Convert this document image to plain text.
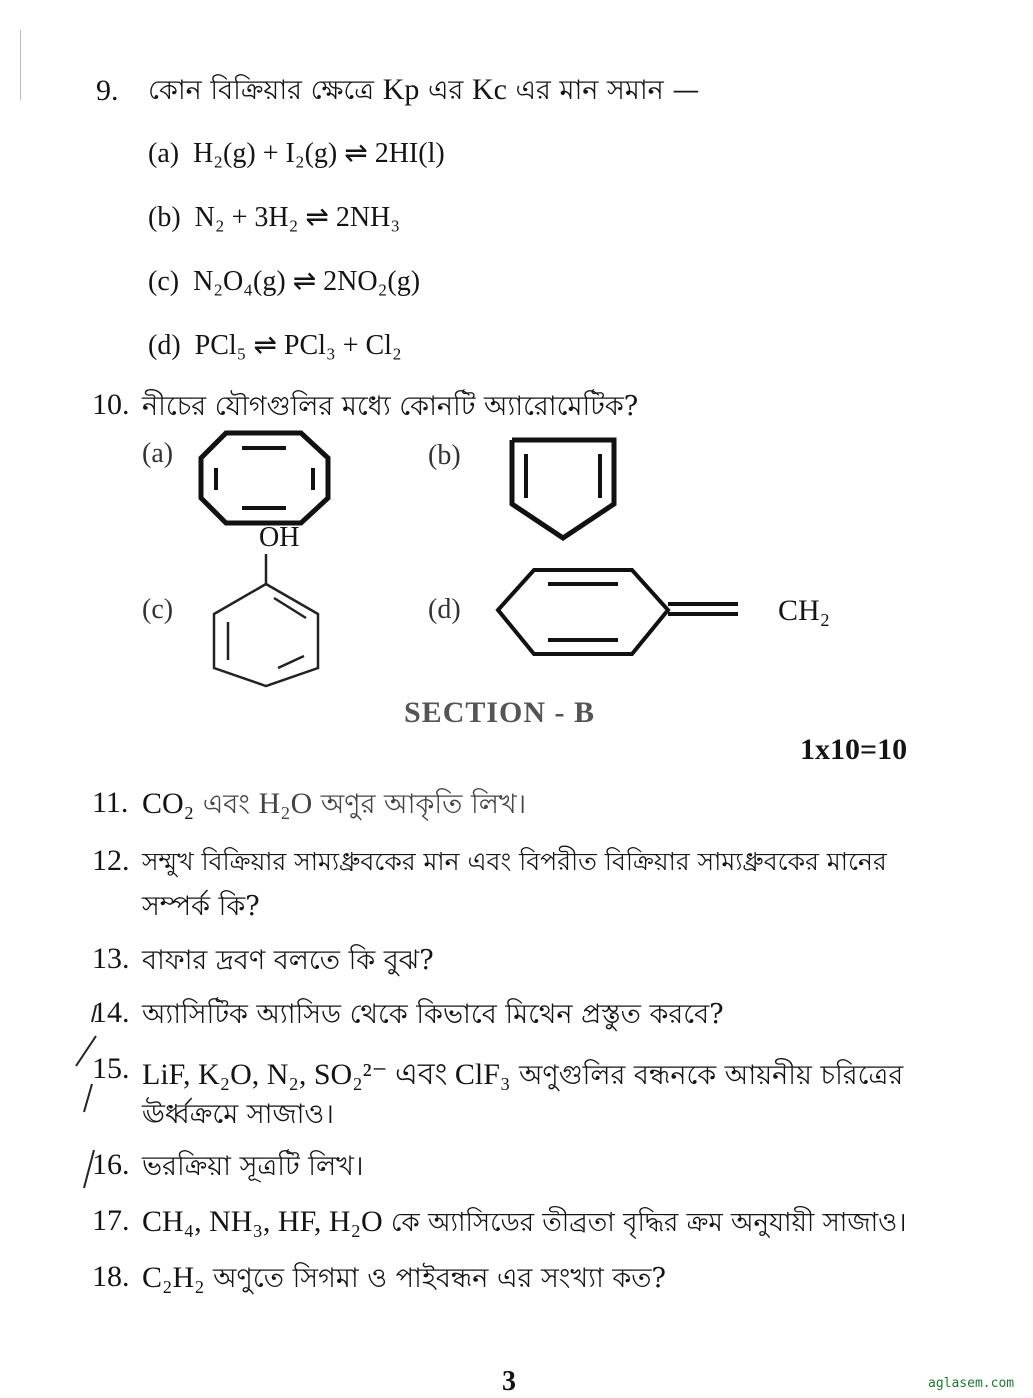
9. কোন বিক্রিয়ার ক্ষেত্রে Kp এর Kc এর মান সমান —
(a) H₂(g) + I₂(g) ⇌ 2HI(l)
(b) N₂ + 3H₂ ⇌ 2NH₃
(c) N₂O₄(g) ⇌ 2NO₂(g)
(d) PCl₅ ⇌ PCl₃ + Cl₂
10. নীচের যৌগগুলির মধ্যে কোনটি অ্যারোমেটিক?
(a)	(b)
(c)	(d)
OH
CH₂
SECTION - B
1x10=10
11. CO₂ এবং H₂O অণুর আকৃতি লিখ।
12. সম্মুখ বিক্রিয়ার সাম্যধ্রুবকের মান এবং বিপরীত বিক্রিয়ার সাম্যধ্রুবকের মানের
সম্পর্ক কি?
13. বাফার দ্রবণ বলতে কি বুঝ?
14. অ্যাসিটিক অ্যাসিড থেকে কিভাবে মিথেন প্রস্তুত করবে?
15. LiF, K₂O, N₂, SO₂²⁻ এবং ClF₃ অণুগুলির বন্ধনকে আয়নীয় চরিত্রের
ঊর্ধ্বক্রমে সাজাও।
16. ভরক্রিয়া সূত্রটি লিখ।
17. CH₄, NH₃, HF, H₂O কে অ্যাসিডের তীব্রতা বৃদ্ধির ক্রম অনুযায়ী সাজাও।
18. C₂H₂ অণুতে সিগমা ও পাইবন্ধন এর সংখ্যা কত?
3	aglasem.com
